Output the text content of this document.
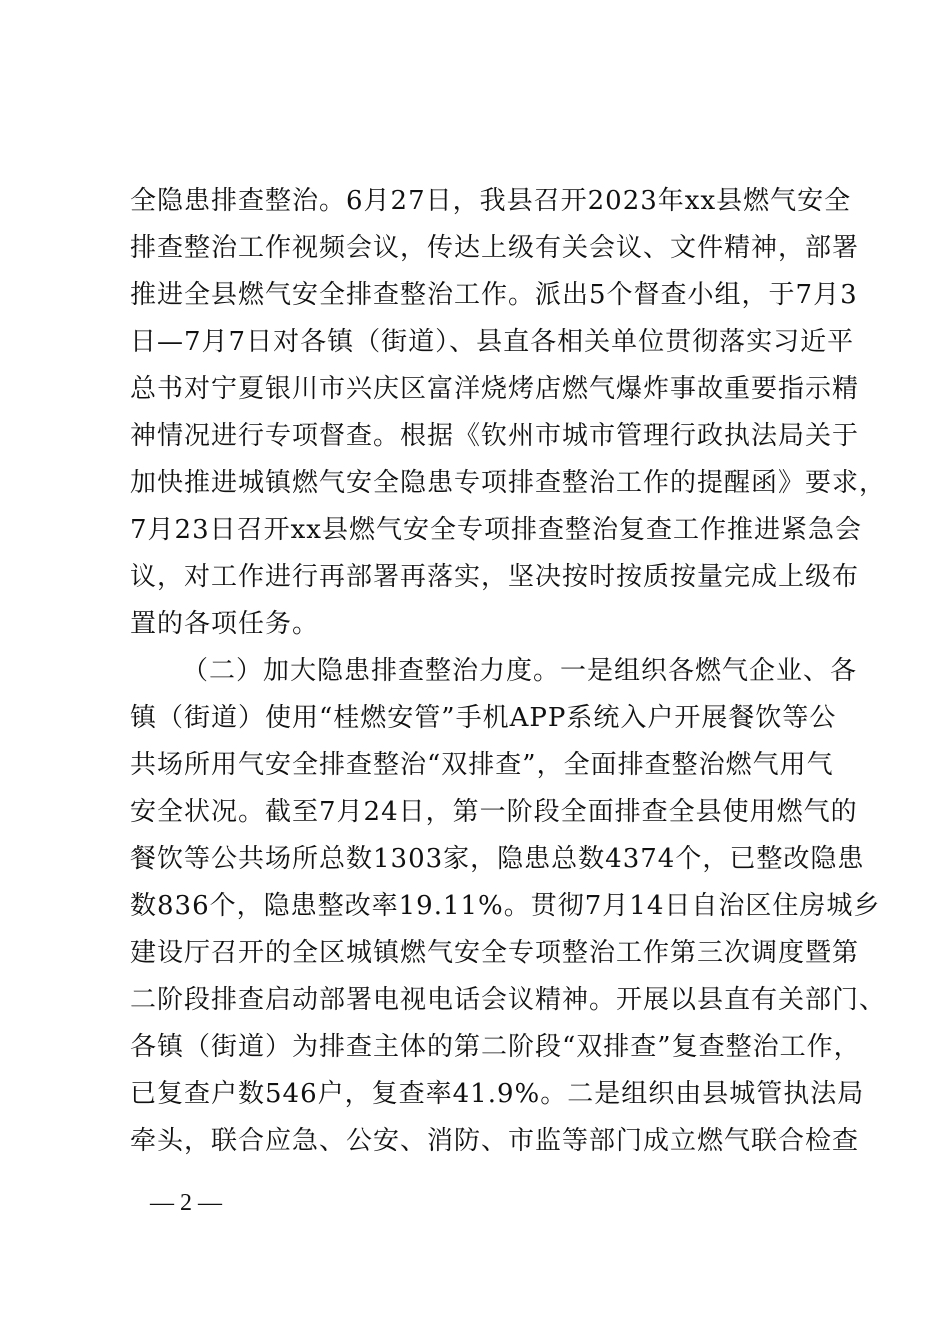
全隐患排查整治。6月27日，我县召开2023年xx县燃气安全
排查整治工作视频会议，传达上级有关会议、文件精神，部署
推进全县燃气安全排查整治工作。派出5个督查小组，于7月3
日—7月7日对各镇（街道）、县直各相关单位贯彻落实习近平
总书对宁夏银川市兴庆区富洋烧烤店燃气爆炸事故重要指示精
神情况进行专项督查。根据《钦州市城市管理行政执法局关于
加快推进城镇燃气安全隐患专项排查整治工作的提醒函》要求，
7月23日召开xx县燃气安全专项排查整治复查工作推进紧急会
议，对工作进行再部署再落实，坚决按时按质按量完成上级布
置的各项任务。
（二）加大隐患排查整治力度。一是组织各燃气企业、各
镇（街道）使用“桂燃安管”手机APP系统入户开展餐饮等公
共场所用气安全排查整治“双排查”，全面排查整治燃气用气
安全状况。截至7月24日，第一阶段全面排查全县使用燃气的
餐饮等公共场所总数1303家，隐患总数4374个，已整改隐患
数836个，隐患整改率19.11%。贯彻7月14日自治区住房城乡
建设厅召开的全区城镇燃气安全专项整治工作第三次调度暨第
二阶段排查启动部署电视电话会议精神。开展以县直有关部门、
各镇（街道）为排查主体的第二阶段“双排查”复查整治工作，
已复查户数546户，复查率41.9%。二是组织由县城管执法局
牵头，联合应急、公安、消防、市监等部门成立燃气联合检查
— 2 —
